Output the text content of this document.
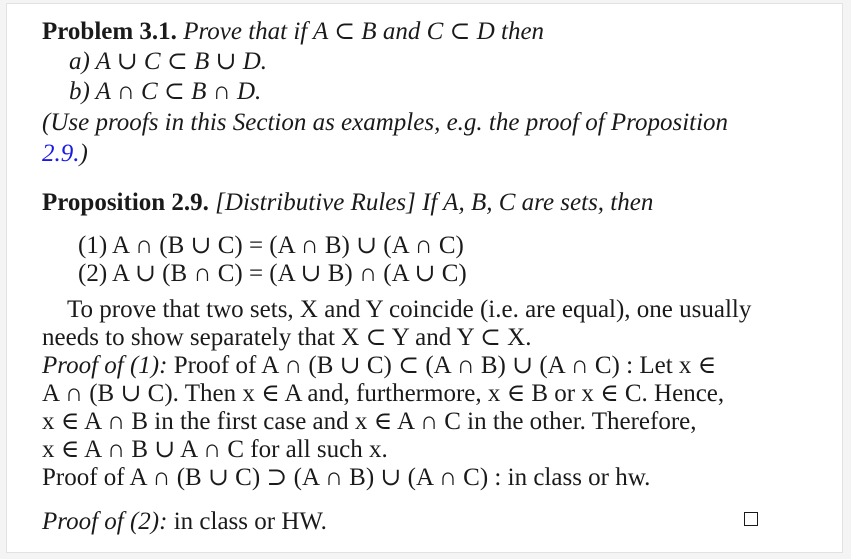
Problem 3.1. Prove that if A ⊂ B and C ⊂ D then
a) A ∪ C ⊂ B ∪ D.
b) A ∩ C ⊂ B ∩ D.
(Use proofs in this Section as examples, e.g. the proof of Proposition
2.9.)
Proposition 2.9. [Distributive Rules] If A, B, C are sets, then
(1) A ∩ (B ∪ C) = (A ∩ B) ∪ (A ∩ C)
(2) A ∪ (B ∩ C) = (A ∪ B) ∩ (A ∪ C)
To prove that two sets, X and Y coincide (i.e. are equal), one usually
needs to show separately that X ⊂ Y and Y ⊂ X.
Proof of (1): Proof of A ∩ (B ∪ C) ⊂ (A ∩ B) ∪ (A ∩ C) : Let x ∈
A ∩ (B ∪ C). Then x ∈ A and, furthermore, x ∈ B or x ∈ C. Hence,
x ∈ A ∩ B in the first case and x ∈ A ∩ C in the other. Therefore,
x ∈ A ∩ B ∪ A ∩ C for all such x.
Proof of A ∩ (B ∪ C) ⊃ (A ∩ B) ∪ (A ∩ C) : in class or hw.
Proof of (2): in class or HW.
